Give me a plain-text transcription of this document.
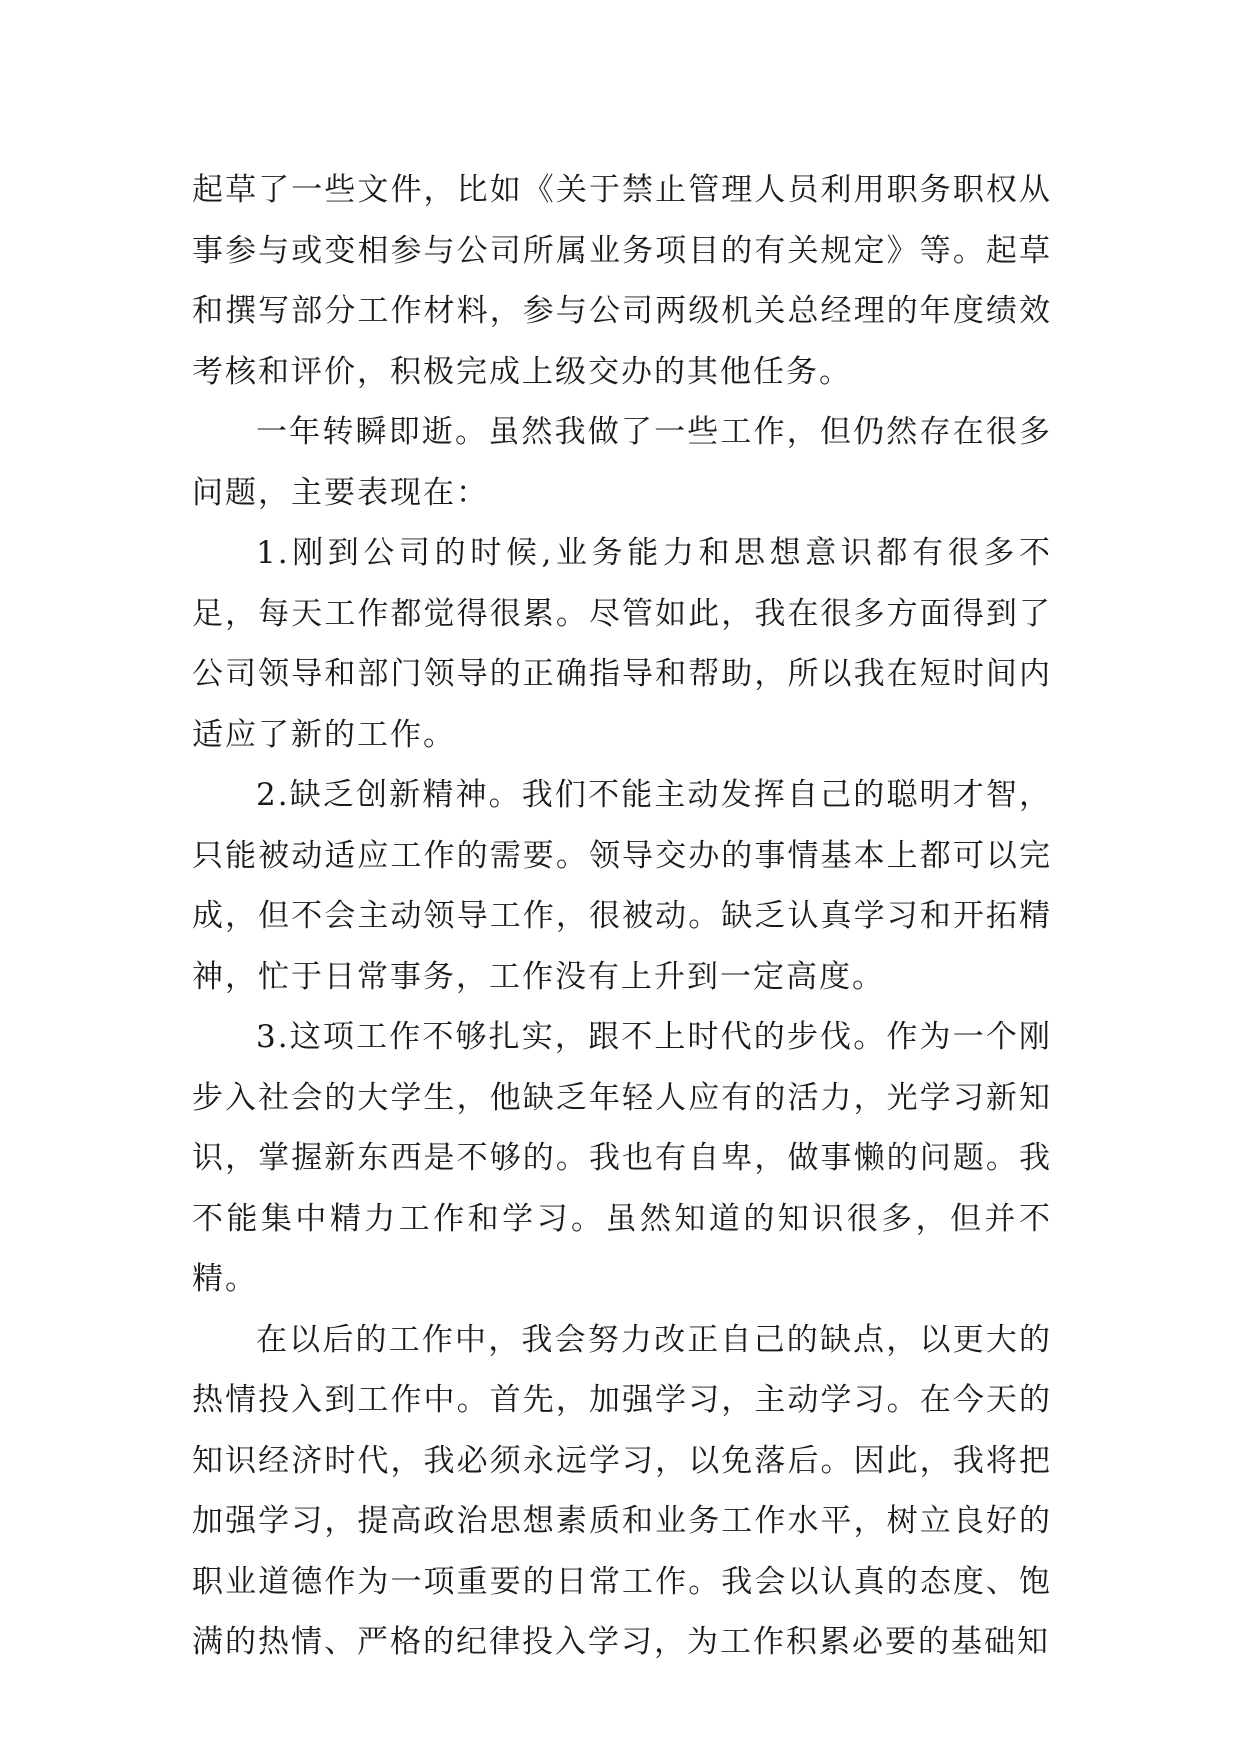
起草了一些文件，比如《关于禁止管理人员利用职务职权从事参与或变相参与公司所属业务项目的有关规定》等。起草和撰写部分工作材料，参与公司两级机关总经理的年度绩效考核和评价，积极完成上级交办的其他任务。

一年转瞬即逝。虽然我做了一些工作，但仍然存在很多问题，主要表现在：

1.刚到公司的时候,业务能力和思想意识都有很多不足，每天工作都觉得很累。尽管如此，我在很多方面得到了公司领导和部门领导的正确指导和帮助，所以我在短时间内适应了新的工作。

2.缺乏创新精神。我们不能主动发挥自己的聪明才智，只能被动适应工作的需要。领导交办的事情基本上都可以完成，但不会主动领导工作，很被动。缺乏认真学习和开拓精神，忙于日常事务，工作没有上升到一定高度。

3.这项工作不够扎实，跟不上时代的步伐。作为一个刚步入社会的大学生，他缺乏年轻人应有的活力，光学习新知识，掌握新东西是不够的。我也有自卑，做事懒的问题。我不能集中精力工作和学习。虽然知道的知识很多，但并不精。

在以后的工作中，我会努力改正自己的缺点，以更大的热情投入到工作中。首先，加强学习，主动学习。在今天的知识经济时代，我必须永远学习，以免落后。因此，我将把加强学习，提高政治思想素质和业务工作水平，树立良好的职业道德作为一项重要的日常工作。我会以认真的态度、饱满的热情、严格的纪律投入学习，为工作积累必要的基础知
